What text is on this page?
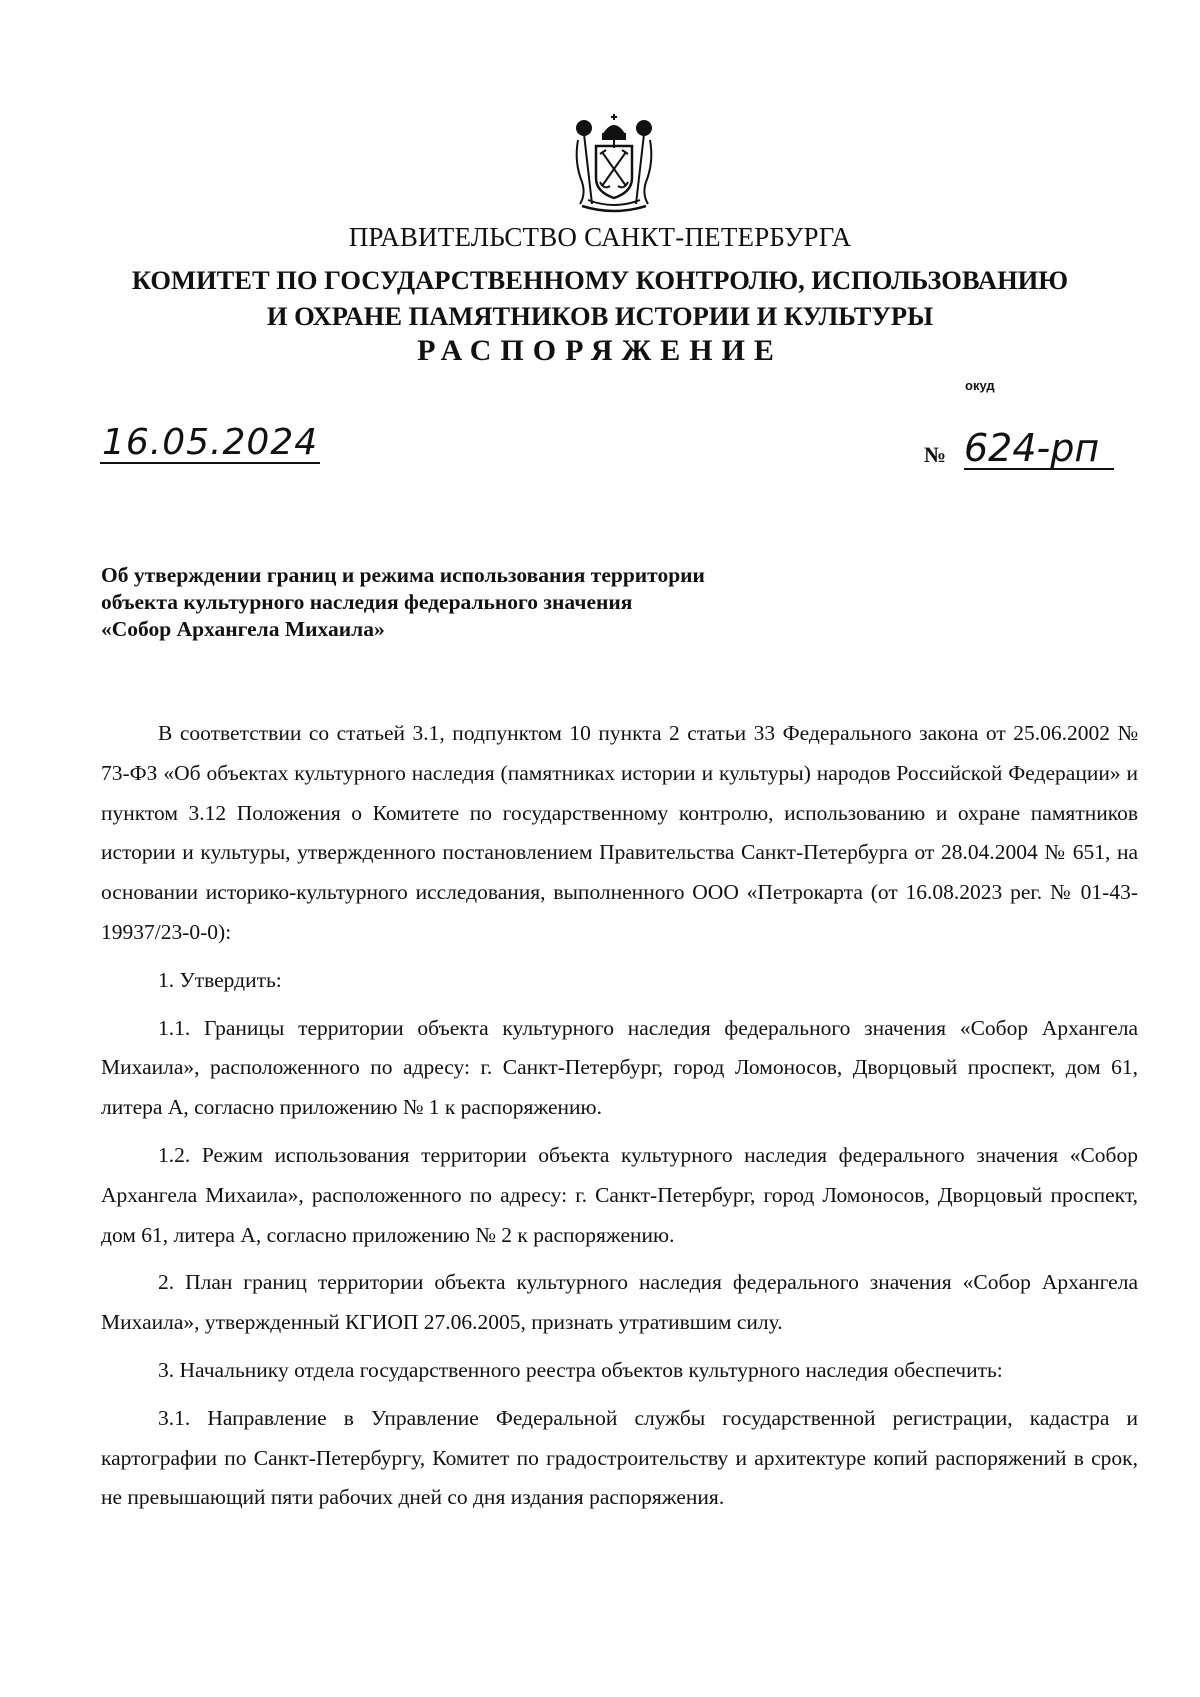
ПРАВИТЕЛЬСТВО САНКТ-ПЕТЕРБУРГА
КОМИТЕТ ПО ГОСУДАРСТВЕННОМУ КОНТРОЛЮ, ИСПОЛЬЗОВАНИЮ
И ОХРАНЕ ПАМЯТНИКОВ ИСТОРИИ И КУЛЬТУРЫ
РАСПОРЯЖЕНИЕ
окуд
16.05.2024	№ 624-рп
Об утверждении границ и режима использования территории
объекта культурного наследия федерального значения
«Собор Архангела Михаила»

В соответствии со статьей 3.1, подпунктом 10 пункта 2 статьи 33 Федерального закона от 25.06.2002 № 73-ФЗ «Об объектах культурного наследия (памятниках истории и культуры) народов Российской Федерации» и пунктом 3.12 Положения о Комитете по государственному контролю, использованию и охране памятников истории и культуры, утвержденного постановлением Правительства Санкт-Петербурга от 28.04.2004 № 651, на основании историко-культурного исследования, выполненного ООО «Петрокарта (от 16.08.2023 рег. № 01-43-19937/23-0-0):

1. Утвердить:

1.1. Границы территории объекта культурного наследия федерального значения «Собор Архангела Михаила», расположенного по адресу: г. Санкт-Петербург, город Ломоносов, Дворцовый проспект, дом 61, литера А, согласно приложению № 1 к распоряжению.

1.2. Режим использования территории объекта культурного наследия федерального значения «Собор Архангела Михаила», расположенного по адресу: г. Санкт-Петербург, город Ломоносов, Дворцовый проспект, дом 61, литера А, согласно приложению № 2 к распоряжению.

2. План границ территории объекта культурного наследия федерального значения «Собор Архангела Михаила», утвержденный КГИОП 27.06.2005, признать утратившим силу.

3. Начальнику отдела государственного реестра объектов культурного наследия обеспечить:

3.1. Направление в Управление Федеральной службы государственной регистрации, кадастра и картографии по Санкт-Петербургу, Комитет по градостроительству и архитектуре копий распоряжений в срок, не превышающий пяти рабочих дней со дня издания распоряжения.
